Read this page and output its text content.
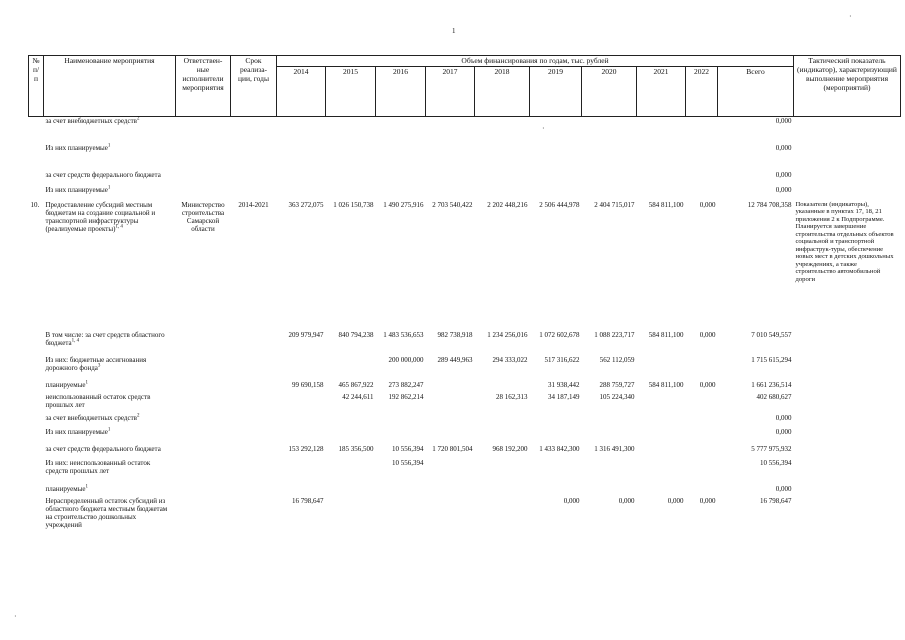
1
№ п/п	Наименование мероприятия	Ответствен-ные исполнители мероприятия	Срок реализа-ции, годы	Объем финансирования по годам, тыс. рублей										Тактический показатель (индикатор), характеризующий выполнение мероприятия (мероприятий)
				2014	2015	2016	2017	2018	2019	2020	2021	2022	Всего	
	за счет внебюджетных средств$^2$												0,000	
	Из них планируемые$^1$												0,000	
	за счет средств федерального бюджета												0,000	
	Из них планируемые$^1$												0,000	
10.	Предоставление субсидий местным бюджетам на создание социальной и транспортной инфраструктуры (реализуемые проекты)$^{1, 4}$	Министерство строительства Самарской области	2014-2021	363 272,075	1 026 150,738	1 490 275,916	2 703 540,422	2 202 448,216	2 506 444,978	2 404 715,017	584 811,100	0,000	12 784 708,358	Показатели (индикаторы), указанные в пунктах 17, 18, 21 приложения 2 к Подпрограмме. Планируется завершение строительства отдельных объектов социальной и транспортной инфраструк-туры, обеспечение новых мест в детских дошкольных учреждениях, а также строительство автомобильной дороги
	В том числе: за счет средств областного бюджета$^{1, 4}$			209 979,947	840 794,238	1 483 536,653	982 738,918	1 234 256,016	1 072 602,678	1 088 223,717	584 811,100	0,000	7 010 549,557	
	Из них: бюджетные ассигнования дорожного фонда$^3$					200 000,000	289 449,963	294 333,022	517 316,622	562 112,059			1 715 615,294	
	планируемые$^1$			99 690,158	465 867,922	273 882,247			31 938,442	288 759,727	584 811,100	0,000	1 661 236,514	
	неиспользованный остаток средств прошлых лет				42 244,611	192 862,214		28 162,313	34 187,149	105 224,340			402 680,627	
	за счет внебюджетных средств$^2$												0,000	
	Из них планируемые$^1$												0,000	
	за счет средств федерального бюджета			153 292,128	185 356,500	10 556,394	1 720 801,504	968 192,200	1 433 842,300	1 316 491,300			5 777 975,932	
	Из них: неиспользованный остаток средств прошлых лет					10 556,394							10 556,394	
	планируемые$^1$												0,000	
	Нераспределенный остаток субсидий из областного бюджета местным бюджетам на строительство дошкольных учреждений			16 798,647					0,000	0,000	0,000	0,000	16 798,647	
·
·
·
